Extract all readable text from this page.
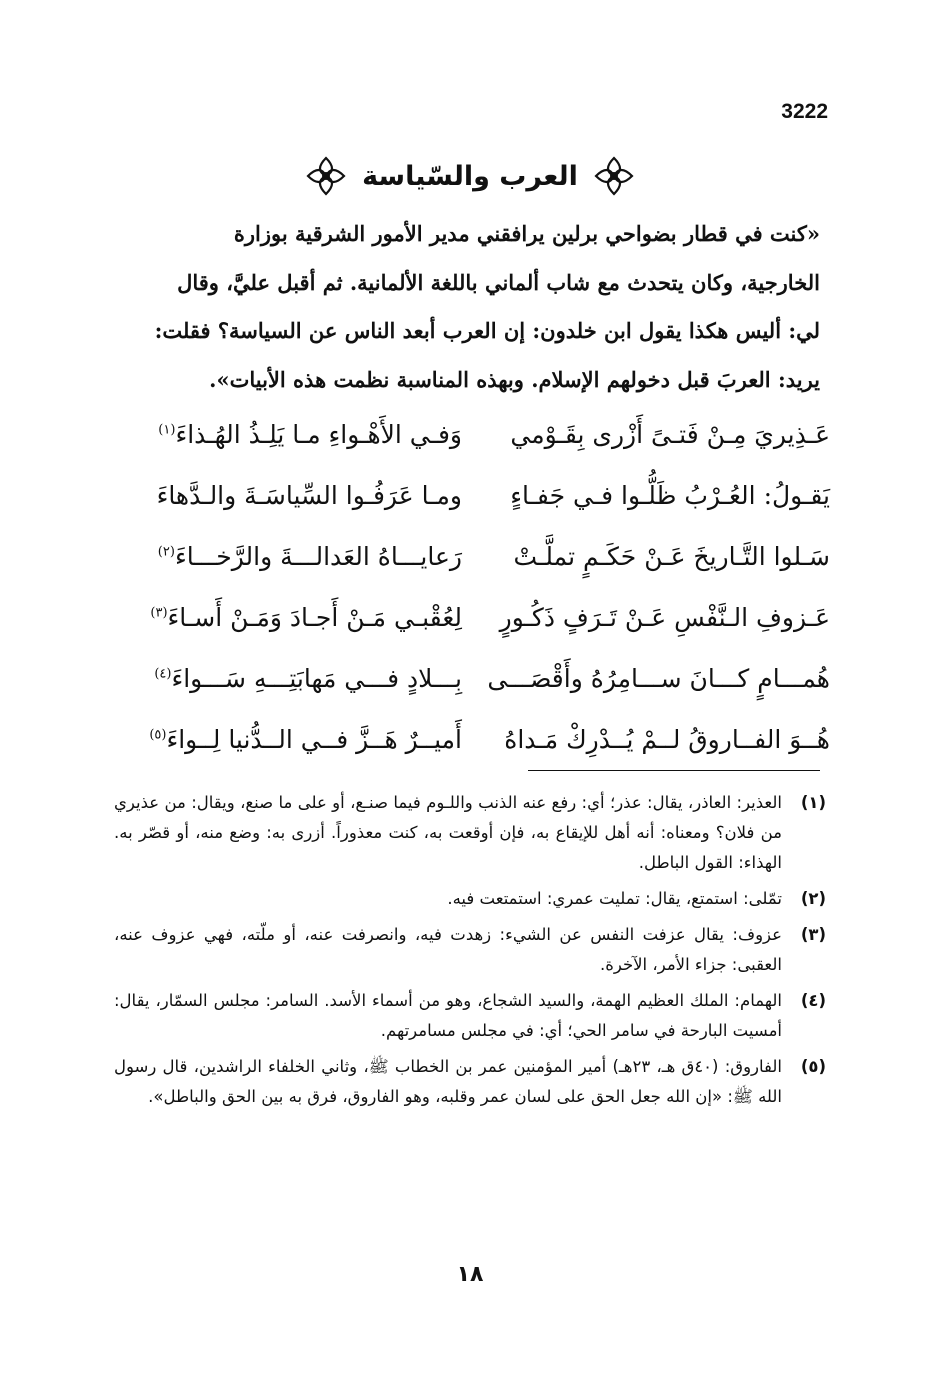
3222
العرب والسّياسة

«كنت في قطار بضواحي برلين يرافقني مدير الأمور الشرقية بوزارة

الخارجية، وكان يتحدث مع شاب ألماني باللغة الألمانية. ثم أقبل عليَّ، وقال

لي: أليس هكذا يقول ابن خلدون: إن العرب أبعد الناس عن السياسة؟ فقلت:

يريد: العربَ قبل دخولهم الإسلام. وبهذه المناسبة نظمت هذه الأبيات».

عَـذِيريَ مِـنْ فَتـىً أَزْرى بِقَـوْمي
وَفـي الأَهْـواءِ مـا يَلِـذُ الهُـذاءَ$^{(١)}$
يَقـولُ: العُـرْبُ ظَلُّـوا فـي جَفـاءٍ
ومـا عَرَفُـوا السِّياسَـةَ والـدَّهاءَ
سَـلوا التَّـاريخَ عَـنْ حَكَـمٍ تملَّـتْ
رَعايـــاهُ العَدالـــةَ والرَّخـــاءَ$^{(٢)}$
عَـزوفِ الـنَّفْسِ عَـنْ تَـرَفٍ ذَكُـورٍ
لِعُقْبـي مَـنْ أَجـادَ وَمَـنْ أَسـاءَ$^{(٣)}$
هُمـــامٍ كـــانَ ســـامِرُهُ وأَقْصَـــى
بِـــلادٍ فـــي مَهابَتِـــهِ سَـــواءَ$^{(٤)}$
هُــوَ الفــاروقُ لــمْ يُــدْرِكْ مَـداهُ
أَميــرٌ هَــزَّ فــي الــدُّنيا لِــواءَ$^{(٥)}$
(١)
العذير: العاذر، يقال: عذر؛ أي: رفع عنه الذنب واللـوم فيما صنـع، أو على ما صنع، ويقال: من عذيري من فلان؟ ومعناه: أنه أهل للإيقاع به، فإن أوقعت به، كنت معذوراً. أزرى به: وضع منه، أو قصّر به. الهذاء: القول الباطل.
(٢)
تمّلى: استمتع، يقال: تمليت عمري: استمتعت فيه.
(٣)
عزوف: يقال عزفت النفس عن الشيء: زهدت فيه، وانصرفت عنه، أو ملّته، فهي عزوف عنه، العقبى: جزاء الأمر، الآخرة.
(٤)
الهمام: الملك العظيم الهمة، والسيد الشجاع، وهو من أسماء الأسد. السامر: مجلس السمّار، يقال: أمسيت البارحة في سامر الحي؛ أي: في مجلس مسامرتهم.
(٥)
الفاروق: (٤٠ق هـ، ٢٣هـ) أمير المؤمنين عمر بن الخطاب ﷺ، وثاني الخلفاء الراشدين، قال رسول الله ﷺ: «إن الله جعل الحق على لسان عمر وقلبه، وهو الفاروق، فرق به بين الحق والباطل».
١٨
